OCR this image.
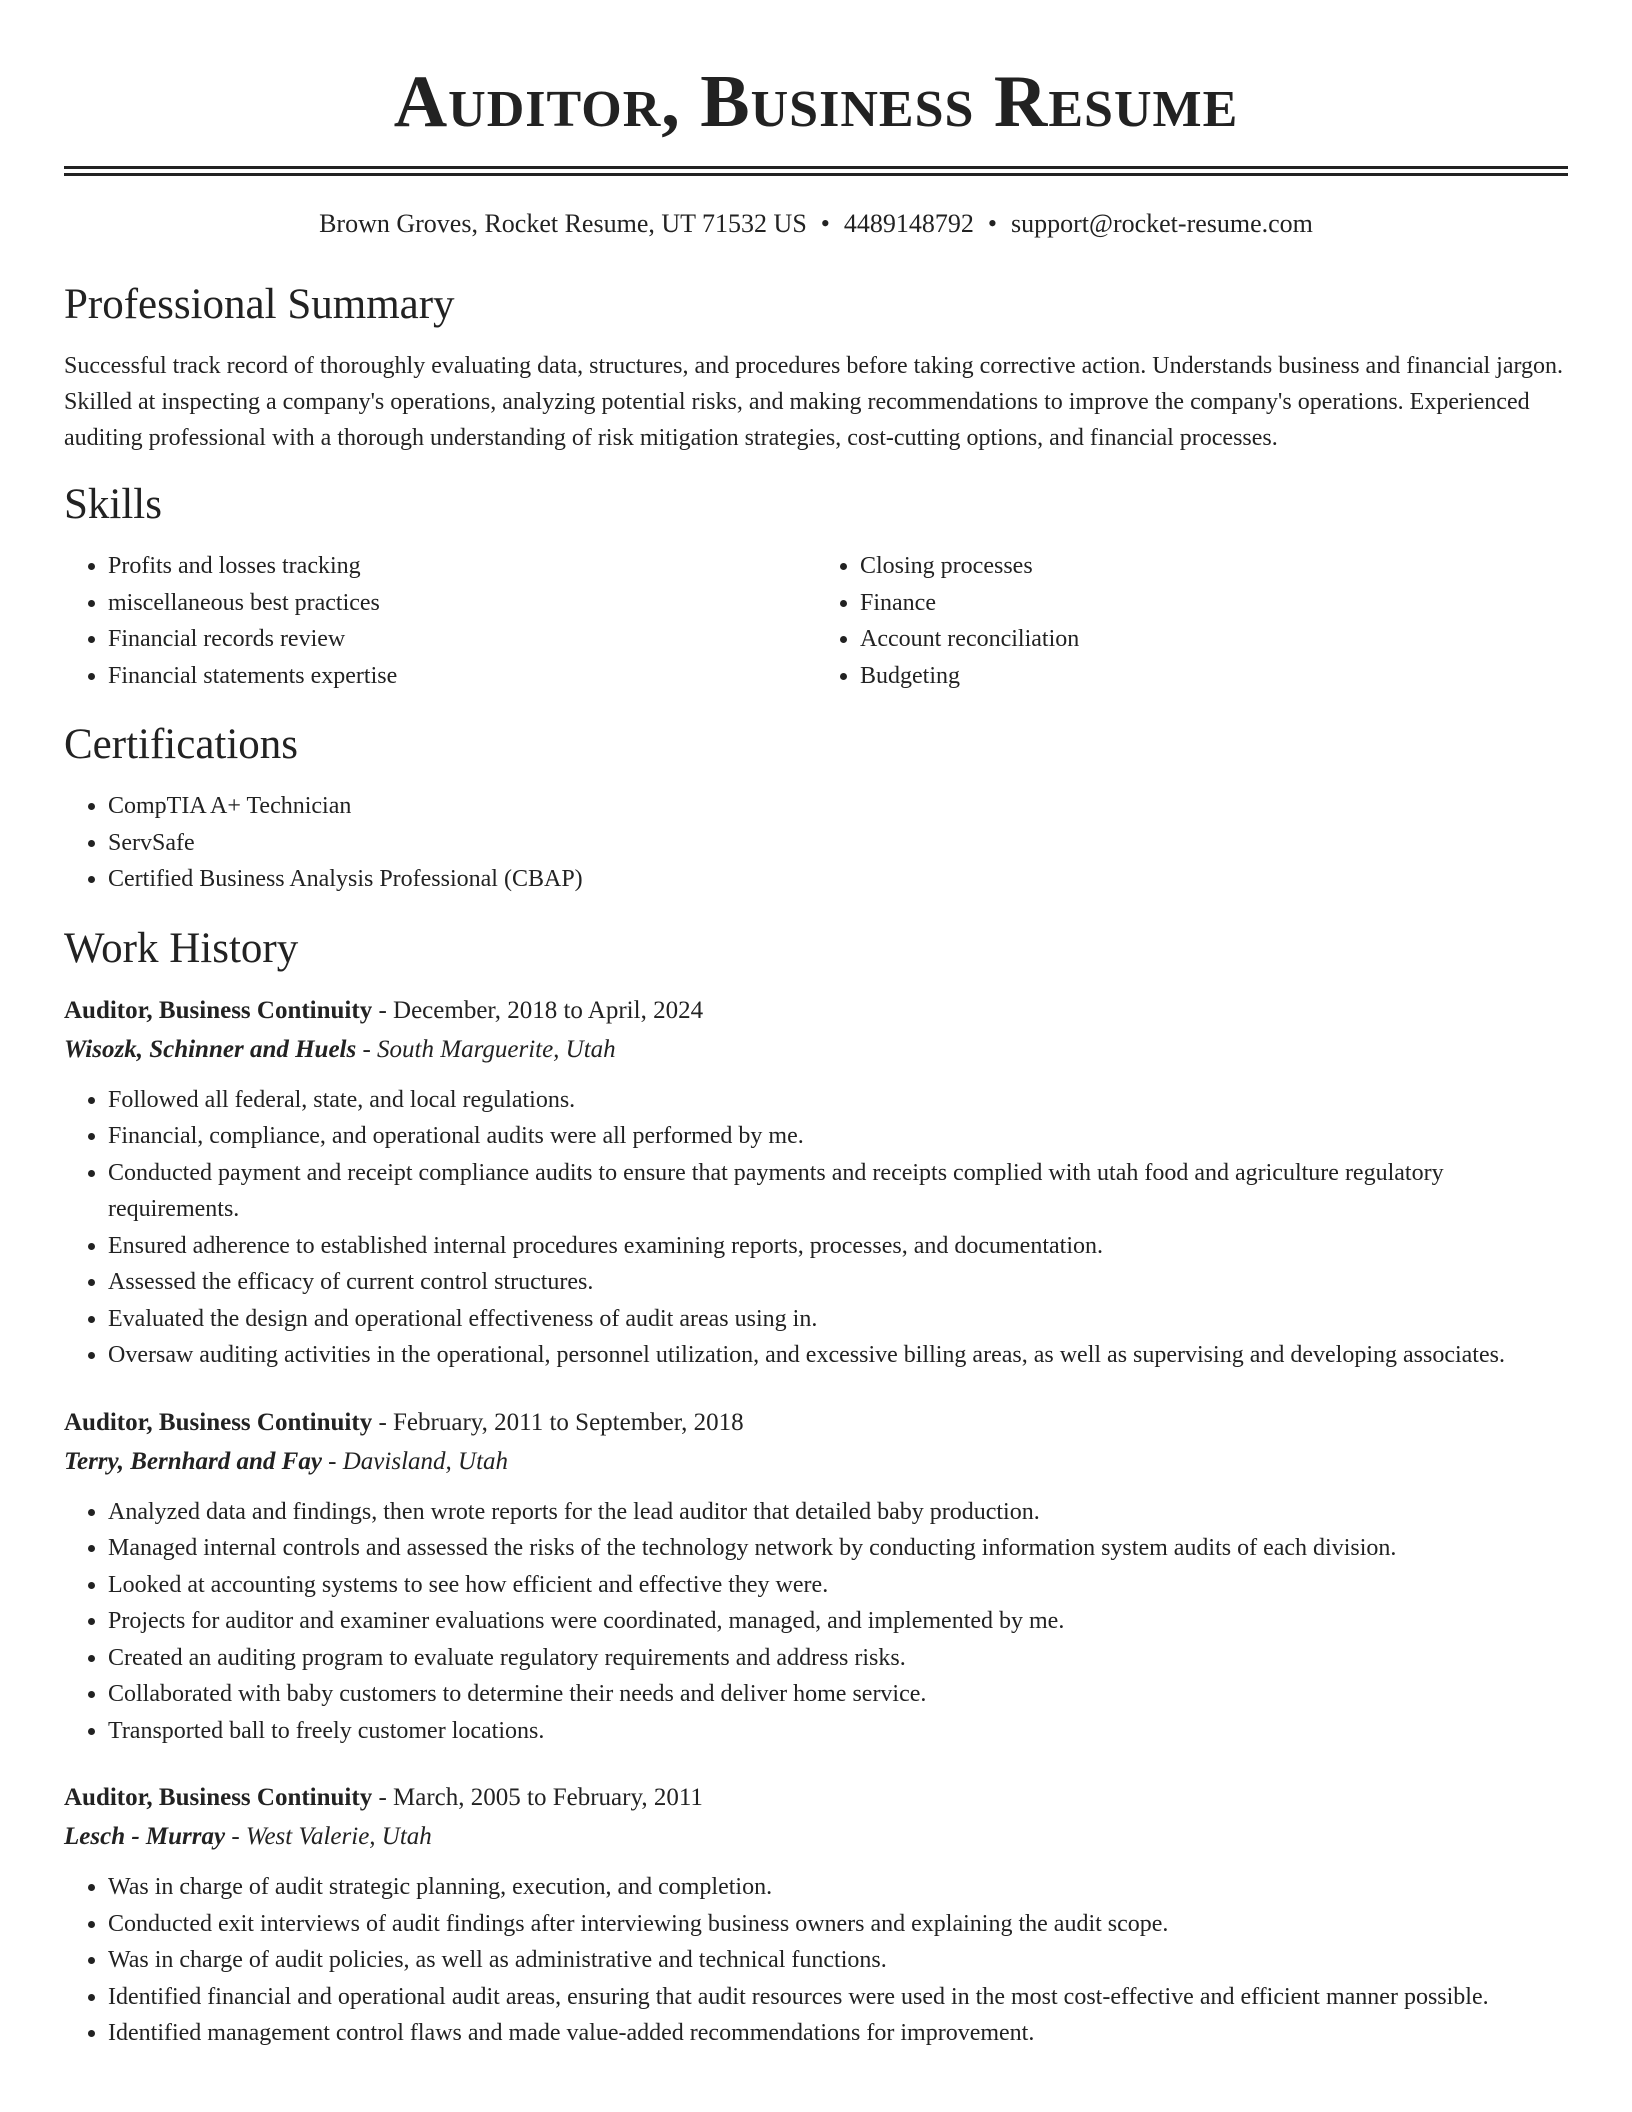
Auditor, Business Resume
Brown Groves, Rocket Resume, UT 71532 US • 4489148792 • support@rocket-resume.com
Professional Summary

Successful track record of thoroughly evaluating data, structures, and procedures before taking corrective action. Understands business and financial jargon. Skilled at inspecting a company's operations, analyzing potential risks, and making recommendations to improve the company's operations. Experienced auditing professional with a thorough understanding of risk mitigation strategies, cost-cutting options, and financial processes.

Skills
• Profits and losses tracking
• miscellaneous best practices
• Financial records review
• Financial statements expertise
• Closing processes
• Finance
• Account reconciliation
• Budgeting
Certifications
• CompTIA A+ Technician
• ServSafe
• Certified Business Analysis Professional (CBAP)
Work History
Auditor, Business Continuity - December, 2018 to April, 2024
Wisozk, Schinner and Huels - South Marguerite, Utah
• Followed all federal, state, and local regulations.
• Financial, compliance, and operational audits were all performed by me.
• Conducted payment and receipt compliance audits to ensure that payments and receipts complied with utah food and agriculture regulatory requirements.
• Ensured adherence to established internal procedures examining reports, processes, and documentation.
• Assessed the efficacy of current control structures.
• Evaluated the design and operational effectiveness of audit areas using in.
• Oversaw auditing activities in the operational, personnel utilization, and excessive billing areas, as well as supervising and developing associates.
Auditor, Business Continuity - February, 2011 to September, 2018
Terry, Bernhard and Fay - Davisland, Utah
• Analyzed data and findings, then wrote reports for the lead auditor that detailed baby production.
• Managed internal controls and assessed the risks of the technology network by conducting information system audits of each division.
• Looked at accounting systems to see how efficient and effective they were.
• Projects for auditor and examiner evaluations were coordinated, managed, and implemented by me.
• Created an auditing program to evaluate regulatory requirements and address risks.
• Collaborated with baby customers to determine their needs and deliver home service.
• Transported ball to freely customer locations.
Auditor, Business Continuity - March, 2005 to February, 2011
Lesch - Murray - West Valerie, Utah
• Was in charge of audit strategic planning, execution, and completion.
• Conducted exit interviews of audit findings after interviewing business owners and explaining the audit scope.
• Was in charge of audit policies, as well as administrative and technical functions.
• Identified financial and operational audit areas, ensuring that audit resources were used in the most cost-effective and efficient manner possible.
• Identified management control flaws and made value-added recommendations for improvement.
